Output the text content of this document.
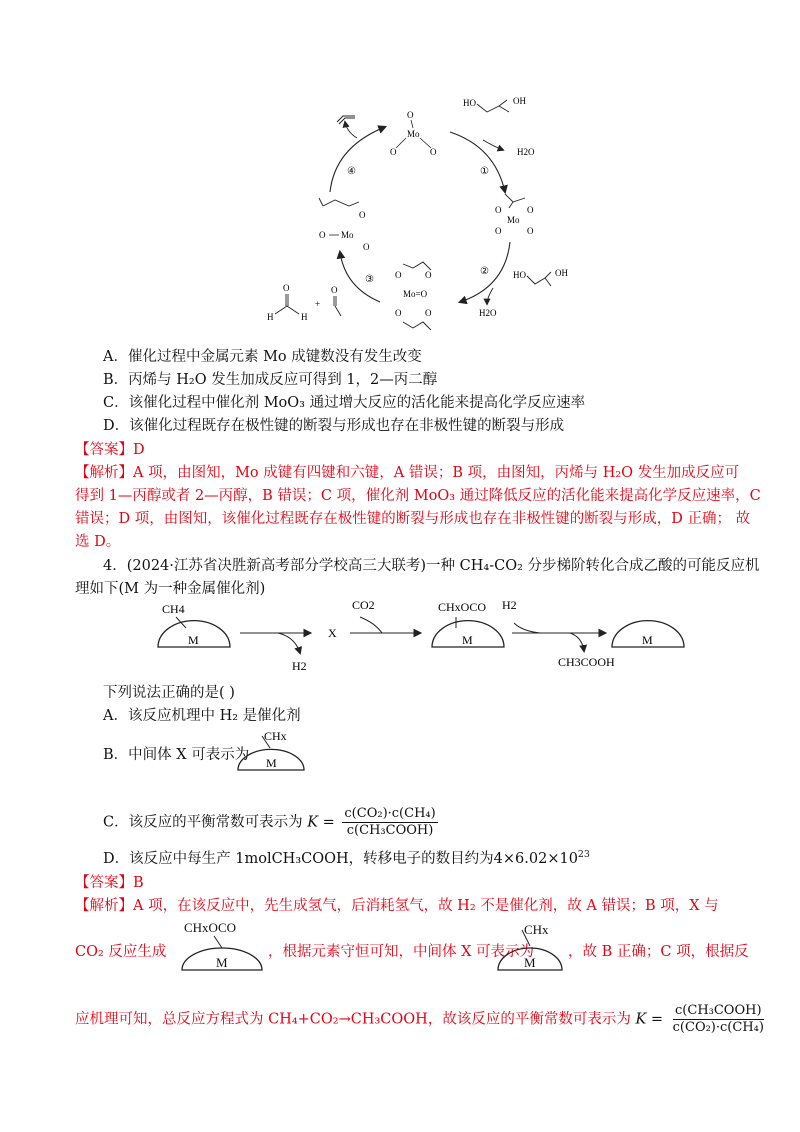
O
Mo
O	O
HO	OH
H2O
①
O	O
Mo
O	O
②	HO	OH
H2O
O	O
Mo=O
O	O
③
O
H	H
+
O
O
O Mo
O
④
A．催化过程中金属元素 Mo 成键数没有发生改变
B．丙烯与 H₂O 发生加成反应可得到 1，2—丙二醇
C．该催化过程中催化剂 MoO₃ 通过增大反应的活化能来提高化学反应速率
D．该催化过程既存在极性键的断裂与形成也存在非极性键的断裂与形成
【答案】D
【解析】A 项，由图知，Mo 成键有四键和六键，A 错误；B 项，由图知，丙烯与 H₂O 发生加成反应可
得到 1—丙醇或者 2—丙醇，B 错误；C 项，催化剂 MoO₃ 通过降低反应的活化能来提高化学反应速率，C
错误；D 项，由图知，该催化过程既存在极性键的断裂与形成也存在非极性键的断裂与形成，D 正确； 故
选 D。
4．(2024·江苏省决胜新高考部分学校高三大联考)一种 CH₄-CO₂ 分步梯阶转化合成乙酸的可能反应机
理如下(M 为一种金属催化剂)
CH4
M
H2
X
CO2	CHxOCO
M
H2
CH3COOH
M
下列说法正确的是( )
A．该反应机理中 H₂ 是催化剂
B．中间体 X 可表示为
CHx
M
C．该反应的平衡常数可表示为 $K = \frac{\text{c(CO₂)·c(CH₄)}}{\text{c(CH₃COOH)}}$
D．该反应中每生产 1molCH₃COOH，转移电子的数目约为$4\times 6.02\times 10^{23}$
【答案】B
【解析】A 项，在该反应中，先生成氢气，后消耗氢气，故 H₂ 不是催化剂，故 A 错误；B 项，X 与
CO₂ 反应生成
CHxOCO
M
，根据元素守恒可知，中间体 X 可表示为
CHx
M
，故 B 正确；C 项，根据反
应机理可知，总反应方程式为 CH₄+CO₂→CH₃COOH，故该反应的平衡常数可表示为 $K = \frac{\text{c(CH₃COOH)}}{\text{c(CO₂)·c(CH₄)}}$
